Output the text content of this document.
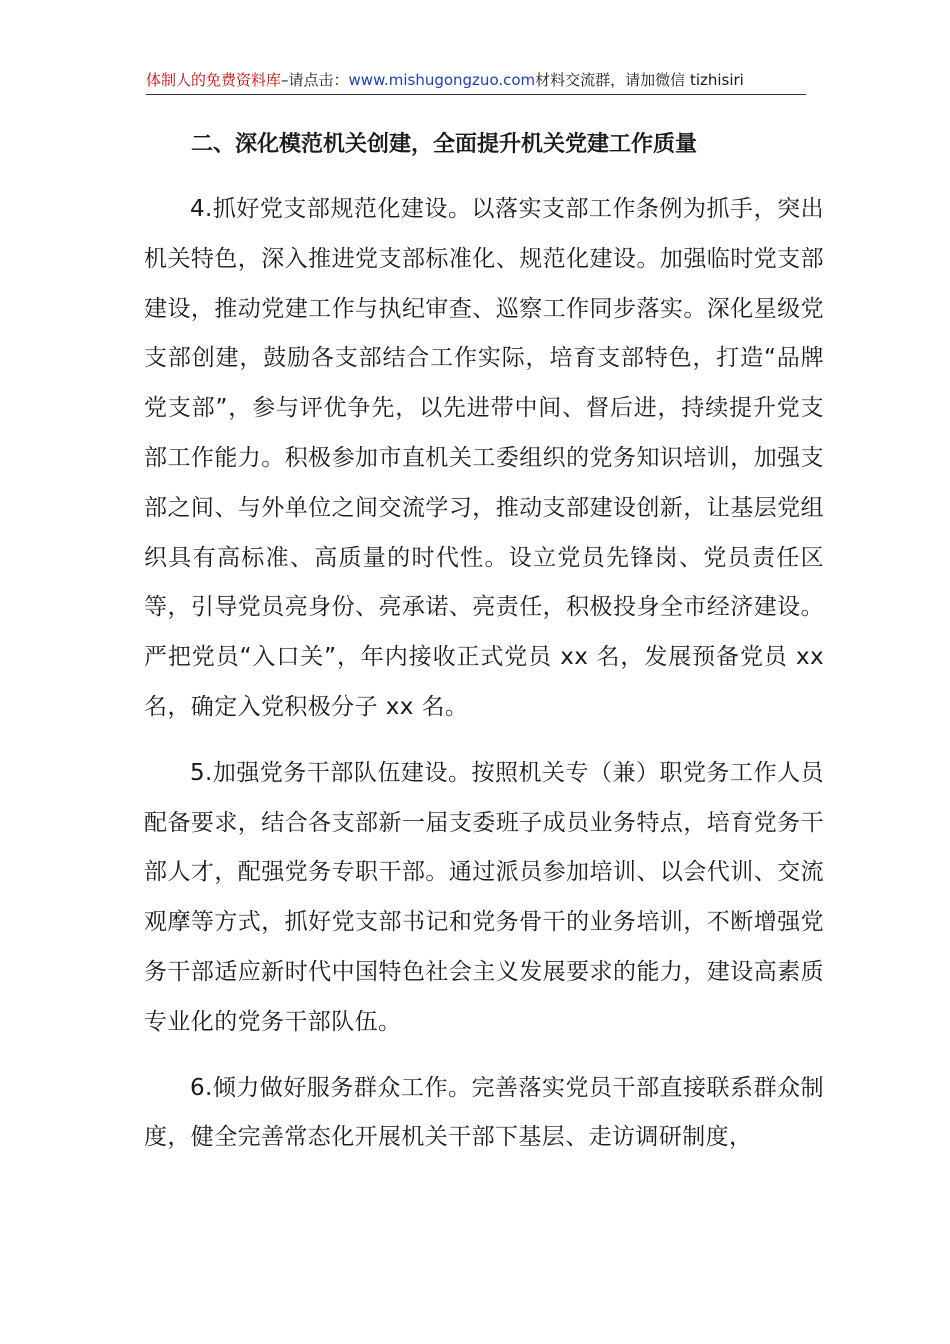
体制人的免费资料库–请点击：www.mishugongzuo.com材料交流群，请加微信 tizhisiri
二、深化模范机关创建，全面提升机关党建工作质量

4.抓好党支部规范化建设。以落实支部工作条例为抓手，突出机关特色，深入推进党支部标准化、规范化建设。加强临时党支部建设，推动党建工作与执纪审查、巡察工作同步落实。深化星级党支部创建，鼓励各支部结合工作实际，培育支部特色，打造“品牌党支部”，参与评优争先，以先进带中间、督后进，持续提升党支部工作能力。积极参加市直机关工委组织的党务知识培训，加强支部之间、与外单位之间交流学习，推动支部建设创新，让基层党组织具有高标准、高质量的时代性。设立党员先锋岗、党员责任区等，引导党员亮身份、亮承诺、亮责任，积极投身全市经济建设。严把党员“入口关”，年内接收正式党员 xx 名，发展预备党员 xx 名，确定入党积极分子 xx 名。

5.加强党务干部队伍建设。按照机关专（兼）职党务工作人员配备要求，结合各支部新一届支委班子成员业务特点，培育党务干部人才，配强党务专职干部。通过派员参加培训、以会代训、交流观摩等方式，抓好党支部书记和党务骨干的业务培训，不断增强党务干部适应新时代中国特色社会主义发展要求的能力，建设高素质专业化的党务干部队伍。

6.倾力做好服务群众工作。完善落实党员干部直接联系群众制度，健全完善常态化开展机关干部下基层、走访调研制度，
